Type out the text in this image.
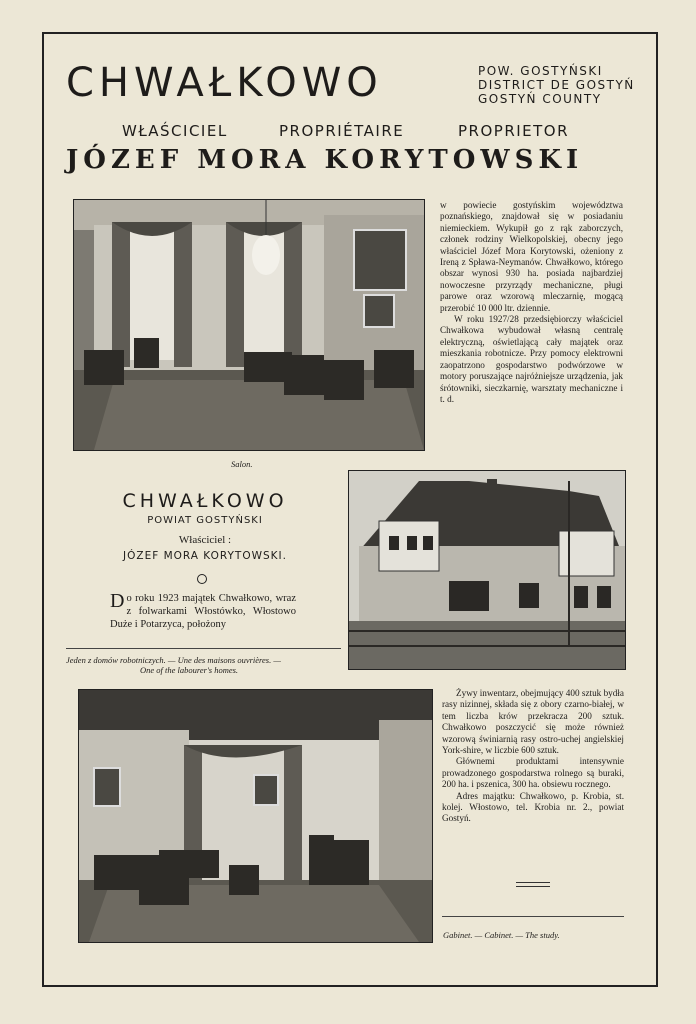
CHWAŁKOWO	POW. GOSTYŃSKI
DISTRICT DE GOSTYŃ
GOSTYŃ COUNTY
WŁAŚCICIEL	PROPRIÉTAIRE	PROPRIETOR
JÓZEF MORA KORYTOWSKI

w powiecie gostyńskim województwa poznańskiego, znajdował się w posiadaniu niemieckiem. Wykupił go z rąk zaborczych, członek rodziny Wielkopolskiej, obecny jego właściciel Józef Mora Korytowski, ożeniony z Ireną z Spława-Neymanów. Chwałkowo, którego obszar wynosi 930 ha. posiada najbardziej nowoczesne przyrządy mechaniczne, pługi parowe oraz wzorową mleczarnię, mogącą przerobić 10 000 ltr. dziennie.

W roku 1927/28 przedsiębiorczy właściciel Chwałkowa wybudował własną centralę elektryczną, oświetlającą cały majątek oraz mieszkania robotnicze. Przy pomocy elektrowni zaopatrzono gospodarstwo podwórzowe w motory poruszające najróżniejsze urządzenia, jak śrótowniki, sieczkarnię, warsztaty mechaniczne i t. d.

Salon.
CHWAŁKOWO
POWIAT GOSTYŃSKI
Właściciel :
JÓZEF MORA KORYTOWSKI.
Do roku 1923 majątek Chwałkowo, wraz z folwarkami Włostówko, Włostowo Duże i Potarzyca, położony
Jeden z domów robotniczych. — Une des maisons ouvrières. —
One of the labourer's homes.

Żywy inwentarz, obejmujący 400 sztuk bydła rasy nizinnej, składa się z obory czarno-białej, w tem liczba krów przekracza 200 sztuk. Chwałkowo poszczycić się może również wzorową świniarnią rasy ostro-uchej angielskiej York-shire, w liczbie 600 sztuk.

Głównemi produktami intensywnie prowadzonego gospodarstwa rolnego są buraki, 200 ha. i pszenica, 300 ha. obsiewu rocznego.

Adres majątku: Chwałkowo, p. Krobia, st. kolej. Włostowo, tel. Krobia nr. 2., powiat Gostyń.

Gabinet. — Cabinet. — The study.
